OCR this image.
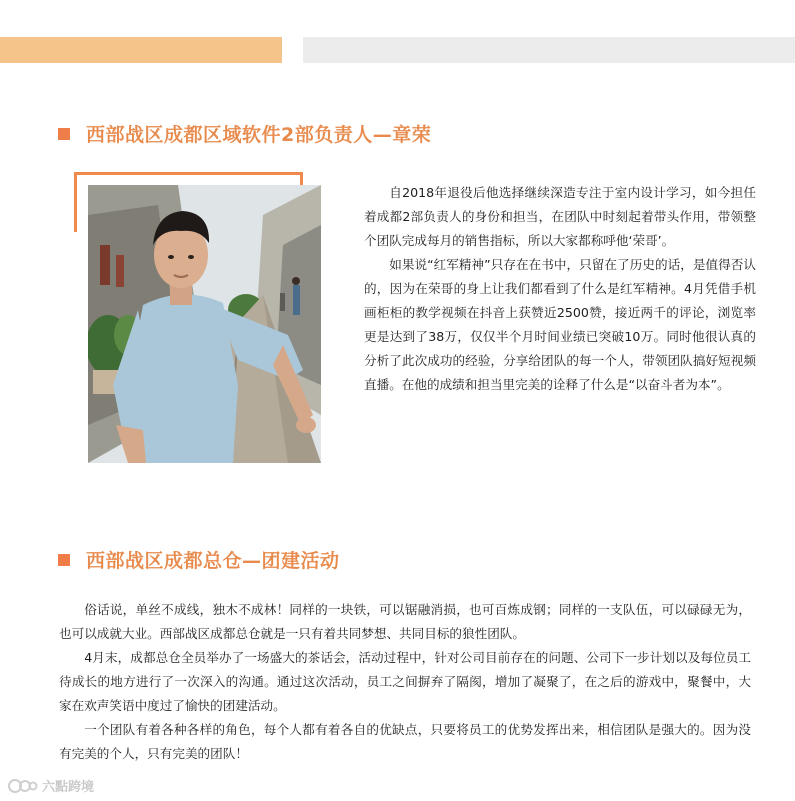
西部战区成都区域软件2部负责人—章荣

自2018年退役后他选择继续深造专注于室内设计学习，如今担任着成都2部负责人的身份和担当，在团队中时刻起着带头作用，带领整个团队完成每月的销售指标，所以大家都称呼他‘荣哥’。

如果说“红军精神”只存在在书中，只留在了历史的话，是值得否认的，因为在荣哥的身上让我们都看到了什么是红军精神。4月凭借手机画柜柜的教学视频在抖音上获赞近2500赞，接近两千的评论，浏览率更是达到了38万，仅仅半个月时间业绩已突破10万。同时他很认真的分析了此次成功的经验，分享给团队的每一个人，带领团队搞好短视频直播。在他的成绩和担当里完美的诠释了什么是“以奋斗者为本”。

西部战区成都总仓—团建活动

俗话说，单丝不成线，独木不成林！同样的一块铁，可以锯融消损，也可百炼成钢；同样的一支队伍，可以碌碌无为，也可以成就大业。西部战区成都总仓就是一只有着共同梦想、共同目标的狼性团队。

4月末，成都总仓全员举办了一场盛大的茶话会，活动过程中，针对公司目前存在的问题、公司下一步计划以及每位员工待成长的地方进行了一次深入的沟通。通过这次活动，员工之间摒弃了隔阂，增加了凝聚了，在之后的游戏中，聚餐中，大家在欢声笑语中度过了愉快的团建活动。

一个团队有着各种各样的角色，每个人都有着各自的优缺点，只要将员工的优势发挥出来，相信团队是强大的。因为没有完美的个人，只有完美的团队！

六點跨境
